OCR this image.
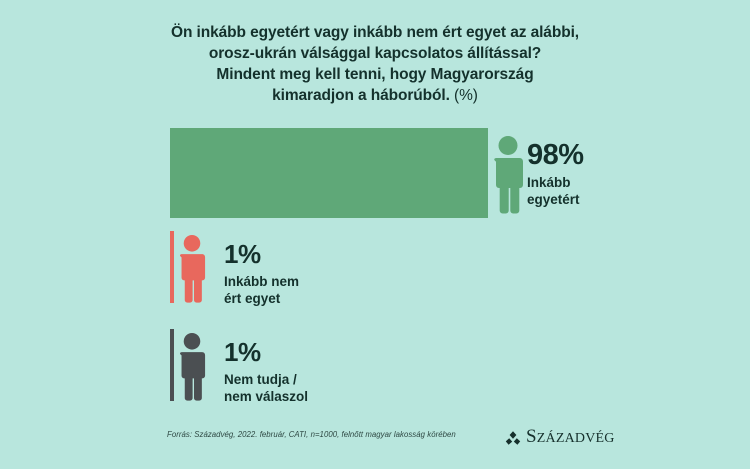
Ön inkább egyetért vagy inkább nem ért egyet az alábbi,
orosz-ukrán válsággal kapcsolatos állítással?
Mindent meg kell tenni, hogy Magyarország
kimaradjon a háborúból. (%)
98%
Inkább
egyetért
1%
Inkább nem
ért egyet
1%
Nem tudja /
nem válaszol
Forrás: Századvég, 2022. február, CATI, n=1000, felnőtt magyar lakosság körében	SZÁZADVÉG
